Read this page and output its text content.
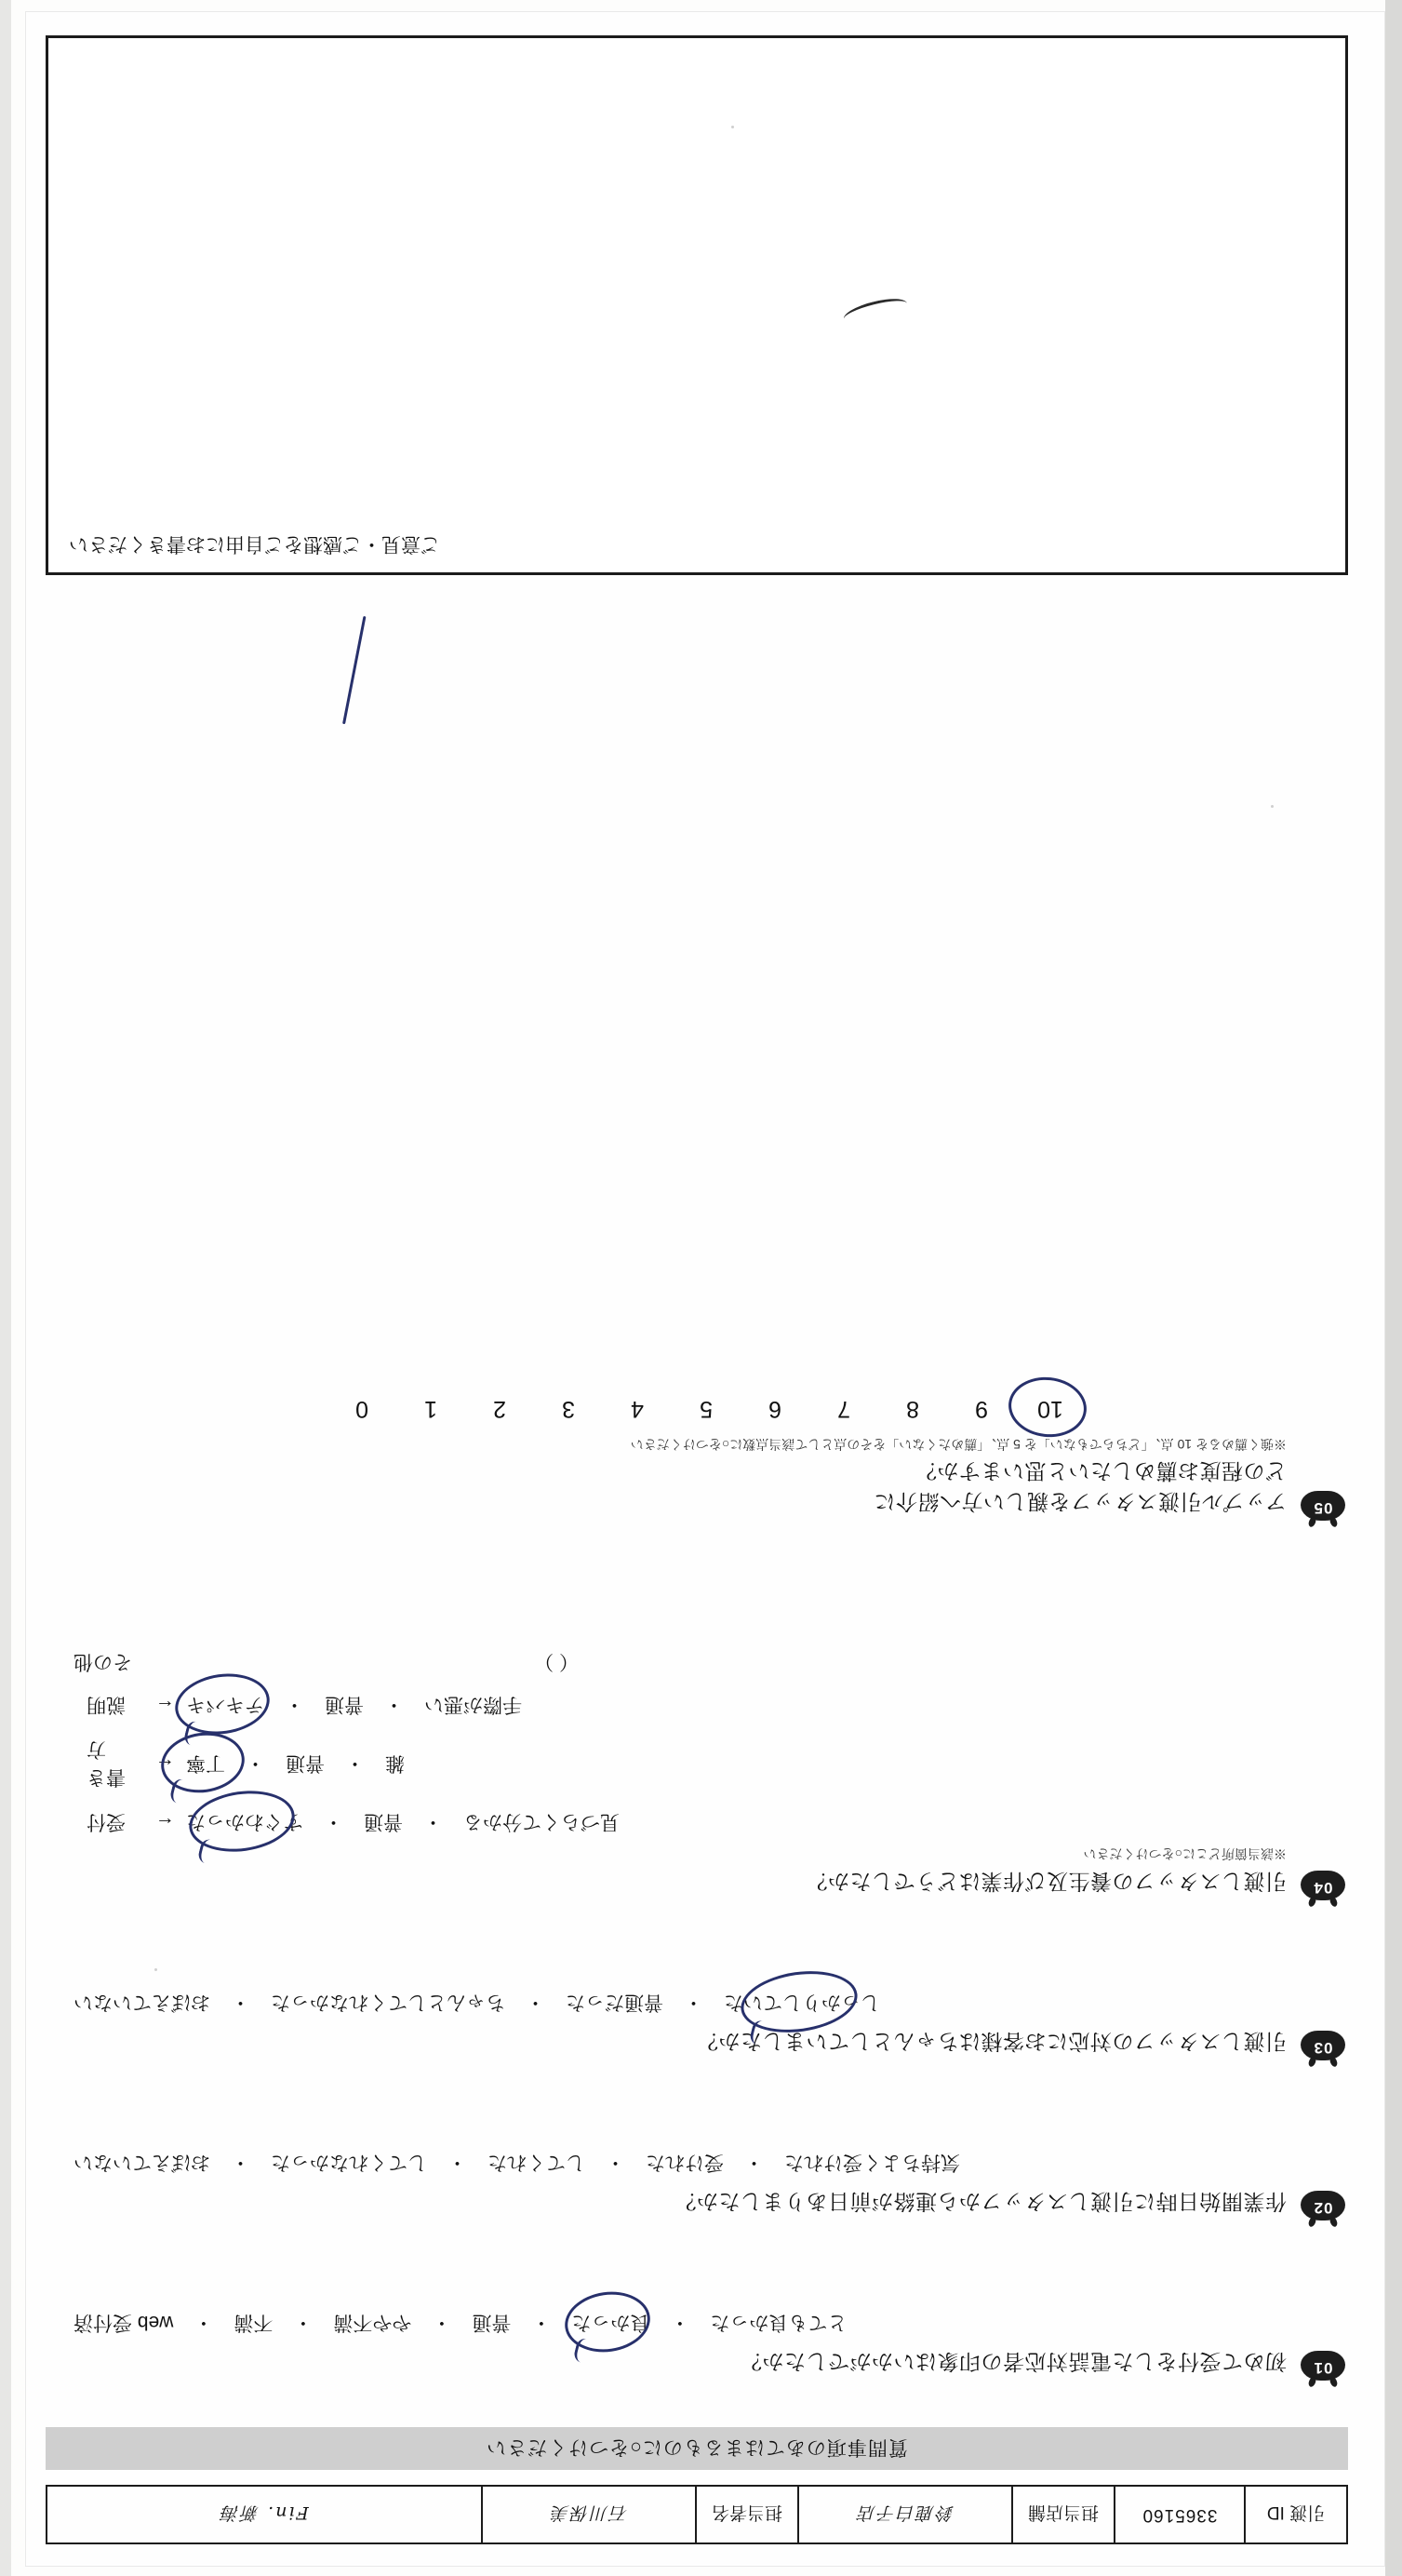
引渡 ID
3365160
担当店舗
鈴鹿白子店
担当者名
石川保美
Fin. 新海
質問事項のあてはまるものに○をつけください
01
初めて受付をした電話対応者の印象はいかがでしたか？
とても良かった
・
良かった
・
普通
・
やや不満
・
不満
・
web 受付済
02
作業開始日時に引渡しスタッフから連絡が前日ありましたか？
気持ちよく受けれた
・
受けれた
・
してくれた
・
してくれなかった
・
おぼえていない
03
引渡しスタッフの対応にお客様はちゃんとしていましたか？
しっかりしていた
・
普通だった
・
ちゃんとしてくれなかった
・
おぼえていない
04
引渡しスタッフの養生及び作業はどうでしたか？
※該当箇所どこに○をつけください
見づらくて分かる
・
普通
・
すぐわかった
←
受付
雑
・
普通
・
丁寧
←
書き方
手際が悪い
・
普通
・
テキパキ
←
説明
（ ）
その他
05
アップル引渡スタッフを親しい方へ紹介に
どの程度お薦めしたいと思いますか？
※強く薦めるを 10 点、「どちらでもない」を 5 点、「薦めたくない」をその点として該当点数に○をつけください
10
9
8
7
6
5
4
3
2
1
0
ご意見・ご感想をご自由にお書きください
